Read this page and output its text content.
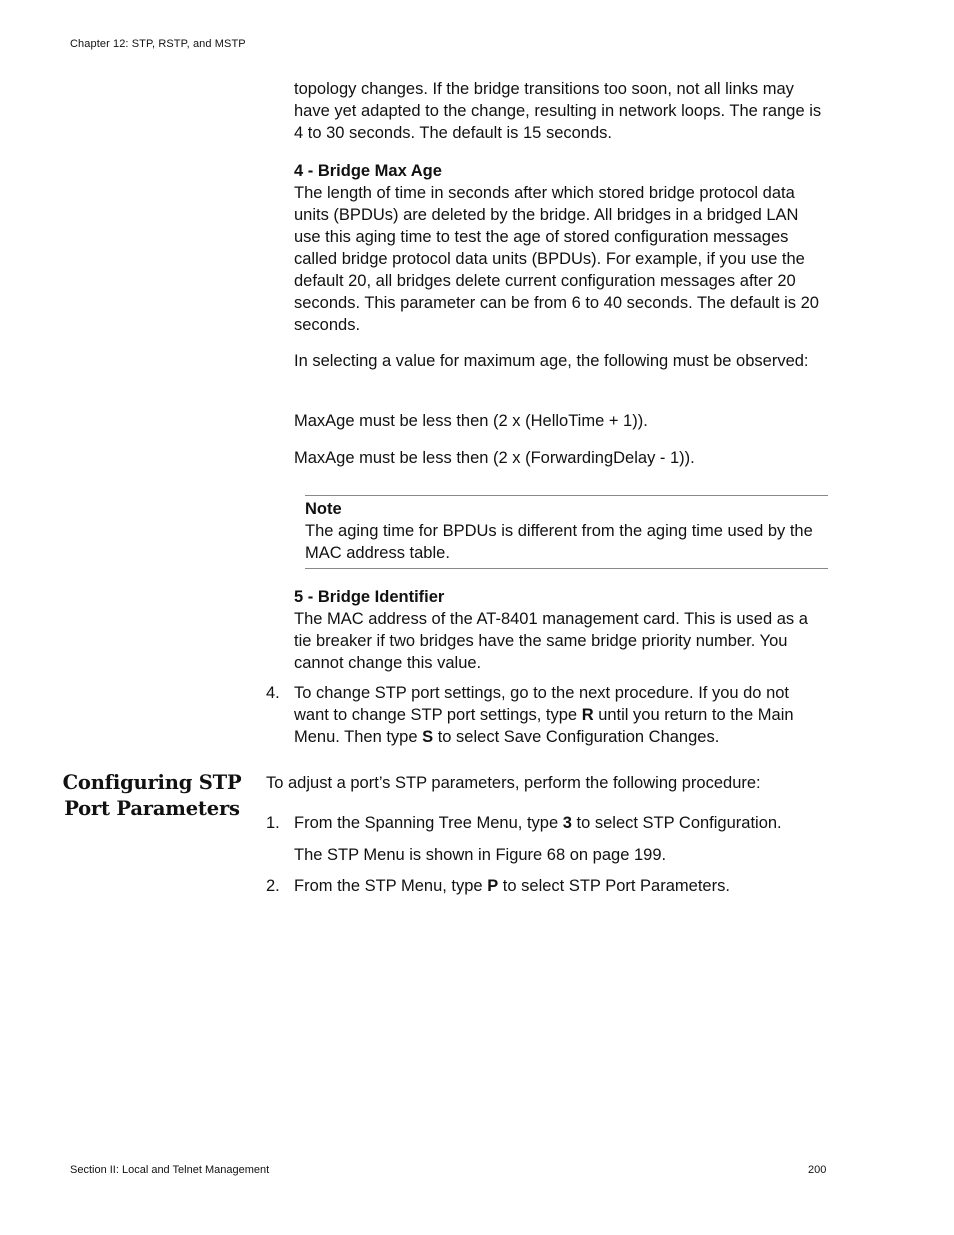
Chapter 12: STP, RSTP, and MSTP

topology changes. If the bridge transitions too soon, not all links may have yet adapted to the change, resulting in network loops. The range is 4 to 30 seconds. The default is 15 seconds.

4 - Bridge Max Age
The length of time in seconds after which stored bridge protocol data units (BPDUs) are deleted by the bridge. All bridges in a bridged LAN use this aging time to test the age of stored configuration messages called bridge protocol data units (BPDUs). For example, if you use the default 20, all bridges delete current configuration messages after 20 seconds. This parameter can be from 6 to 40 seconds. The default is 20 seconds.

In selecting a value for maximum age, the following must be observed:

MaxAge must be less then (2 x (HelloTime + 1)).

MaxAge must be less then (2 x (ForwardingDelay - 1)).

Note
The aging time for BPDUs is different from the aging time used by the MAC address table.
5 - Bridge Identifier
The MAC address of the AT-8401 management card. This is used as a tie breaker if two bridges have the same bridge priority number. You cannot change this value.
4. To change STP port settings, go to the next procedure. If you do not want to change STP port settings, type R until you return to the Main Menu. Then type S to select Save Configuration Changes.

Configuring STP Port Parameters

To adjust a port’s STP parameters, perform the following procedure:

1. From the Spanning Tree Menu, type 3 to select STP Configuration.

The STP Menu is shown in Figure 68 on page 199.

2. From the STP Menu, type P to select STP Port Parameters.

Section II: Local and Telnet Management	200
